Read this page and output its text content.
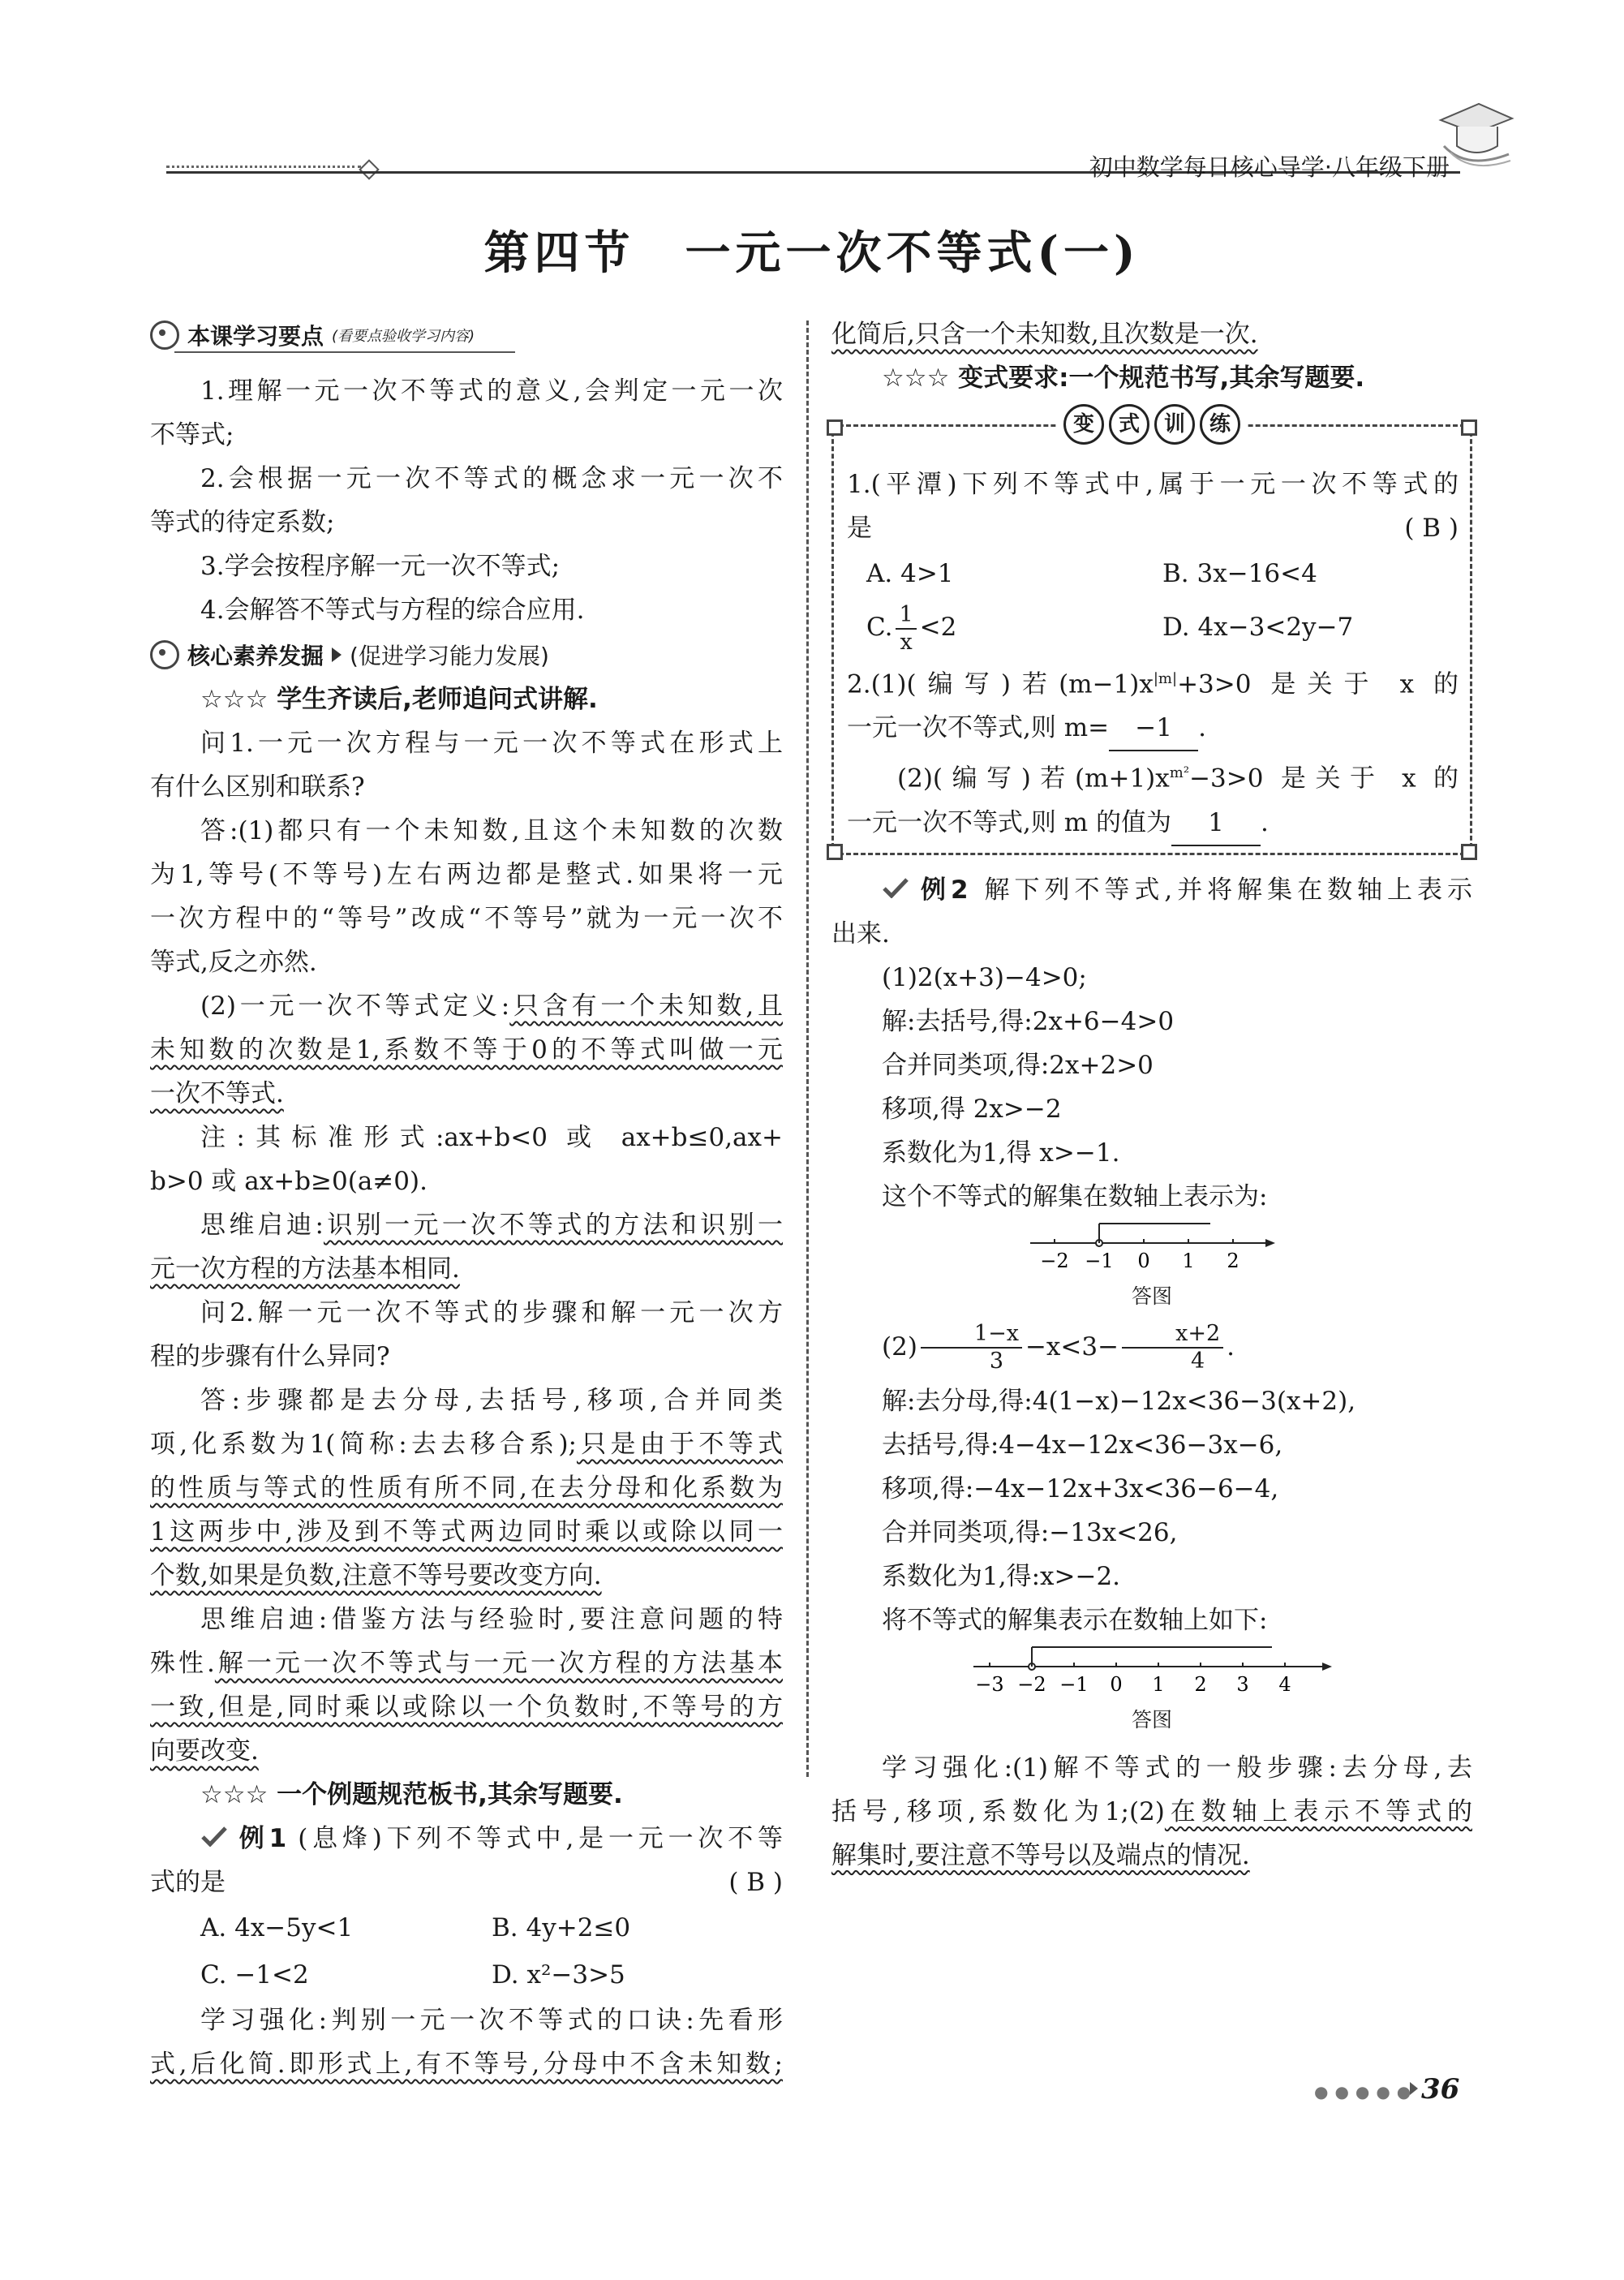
初中数学每日核心导学·八年级下册
第四节　一元一次不等式(一)
本课学习要点 (看要点验收学习内容)
1.理解一元一次不等式的意义,会判定一元一次
不等式;
2.会根据一元一次不等式的概念求一元一次不
等式的待定系数;
3.学会按程序解一元一次不等式;
4.会解答不等式与方程的综合应用.
核心素养发掘 (促进学习能力发展)
☆☆☆ 学生齐读后,老师追问式讲解.
问1.一元一次方程与一元一次不等式在形式上
有什么区别和联系?
答:(1)都只有一个未知数,且这个未知数的次数
为1,等号(不等号)左右两边都是整式.如果将一元
一次方程中的“等号”改成“不等号”就为一元一次不
等式,反之亦然.
(2)一元一次不等式定义:只含有一个未知数,且
未知数的次数是1,系数不等于0的不等式叫做一元
一次不等式.
注:其标准形式:ax+b<0 或 ax+b≤0,ax+
b>0 或 ax+b≥0(a≠0).
思维启迪:识别一元一次不等式的方法和识别一
元一次方程的方法基本相同.
问2.解一元一次不等式的步骤和解一元一次方
程的步骤有什么异同?
答:步骤都是去分母,去括号,移项,合并同类
项,化系数为1(简称:去去移合系);只是由于不等式
的性质与等式的性质有所不同,在去分母和化系数为
1这两步中,涉及到不等式两边同时乘以或除以同一
个数,如果是负数,注意不等号要改变方向.
思维启迪:借鉴方法与经验时,要注意问题的特
殊性.解一元一次不等式与一元一次方程的方法基本
一致,但是,同时乘以或除以一个负数时,不等号的方
向要改变.
☆☆☆ 一个例题规范板书,其余写题要.
例1 (息烽)下列不等式中,是一元一次不等
式的是	( B )
A. 4x−5y<1	B. 4y+2≤0
C. −1<2	D. x²−3>5
学习强化:判别一元一次不等式的口诀:先看形
式,后化简.即形式上,有不等号,分母中不含未知数;
化简后,只含一个未知数,且次数是一次.
☆☆☆ 变式要求:一个规范书写,其余写题要.
变	式	训	练
1.(平潭)下列不等式中,属于一元一次不等式的
是	( B )
A. 4>1	B. 3x−16<4
C. $\frac{1}{x} <2$	D. 4x−3<2y−7
2.(1)(编写)若$(m-1)x^{|m|}+3>0$ 是关于 x 的
一元一次不等式,则 m= −1 .
(2)(编写)若$(m+1)x^{m^2}-3>0$ 是关于 x 的
一元一次不等式,则 m 的值为 1 .
例2 解下列不等式,并将解集在数轴上表示
出来.
(1)2(x+3)−4>0;
解:去括号,得:2x+6−4>0
合并同类项,得:2x+2>0
移项,得 2x>−2
系数化为1,得 x>−1.
这个不等式的解集在数轴上表示为:
−2 −1 0 1 2
答图
$(2) \frac{1-x}{3} -x<3- \frac{x+2}{4}$ .
解:去分母,得:4(1−x)−12x<36−3(x+2),
去括号,得:4−4x−12x<36−3x−6,
移项,得:−4x−12x+3x<36−6−4,
合并同类项,得:−13x<26,
系数化为1,得:x>−2.
将不等式的解集表示在数轴上如下:
−3 −2 −1 0 1 2 3 4
答图
学习强化:(1)解不等式的一般步骤:去分母,去
括号,移项,系数化为1;(2)在数轴上表示不等式的
解集时,要注意不等号以及端点的情况.
●●●●● 36
